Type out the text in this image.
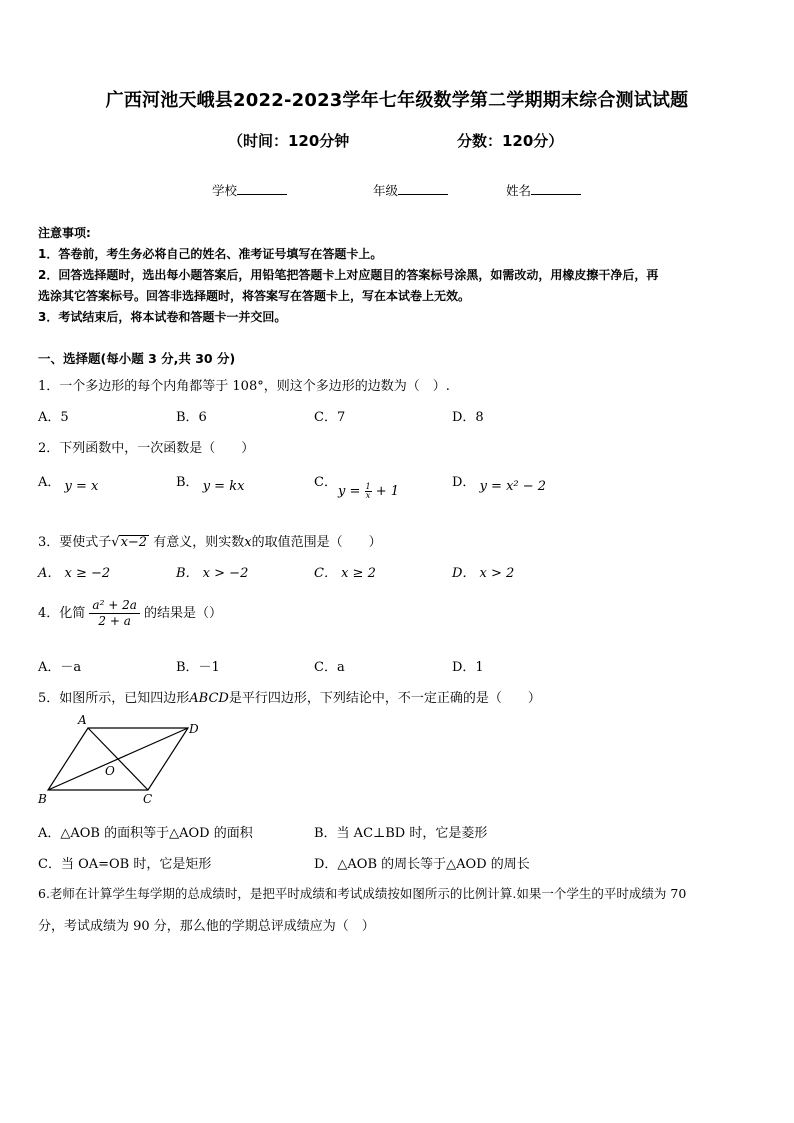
广西河池天峨县2022-2023学年七年级数学第二学期期末综合测试试题
（时间：120分钟	分数：120分）
学校	年级	姓名
注意事项:
1．答卷前，考生务必将自己的姓名、准考证号填写在答题卡上。
2．回答选择题时，选出每小题答案后，用铅笔把答题卡上对应题目的答案标号涂黑，如需改动，用橡皮擦干净后，再
选涂其它答案标号。回答非选择题时，将答案写在答题卡上，写在本试卷上无效。
3．考试结束后，将本试卷和答题卡一并交回。
一、选择题(每小题 3 分,共 30 分)
1．一个多边形的每个内角都等于 108°，则这个多边形的边数为（　）.
A．5	B．6	C．7	D．8
2．下列函数中，一次函数是（　　）
A． y = x	B． y = kx	C．
$y = \frac{1}{x} + 1$
D． y = x² − 2
3．要使式子√x−2 有意义，则实数x的取值范围是（　　）
A． x ≥ −2	B． x > −2	C． x ≥ 2	D． x > 2
4．化简 $\frac{\text{a² + 2a}}{2 + a}$ 的结果是（）
A．－a	B．－1	C．a	D．1
5．如图所示，已知四边形ABCD是平行四边形，下列结论中，不一定正确的是（　　）
A
D
B	C
O
A．△AOB 的面积等于△AOD 的面积	B．当 AC⊥BD 时，它是菱形
C．当 OA=OB 时，它是矩形	D．△AOB 的周长等于△AOD 的周长
6.老师在计算学生每学期的总成绩时，是把平时成绩和考试成绩按如图所示的比例计算.如果一个学生的平时成绩为 70
分，考试成绩为 90 分，那么他的学期总评成绩应为（　）
